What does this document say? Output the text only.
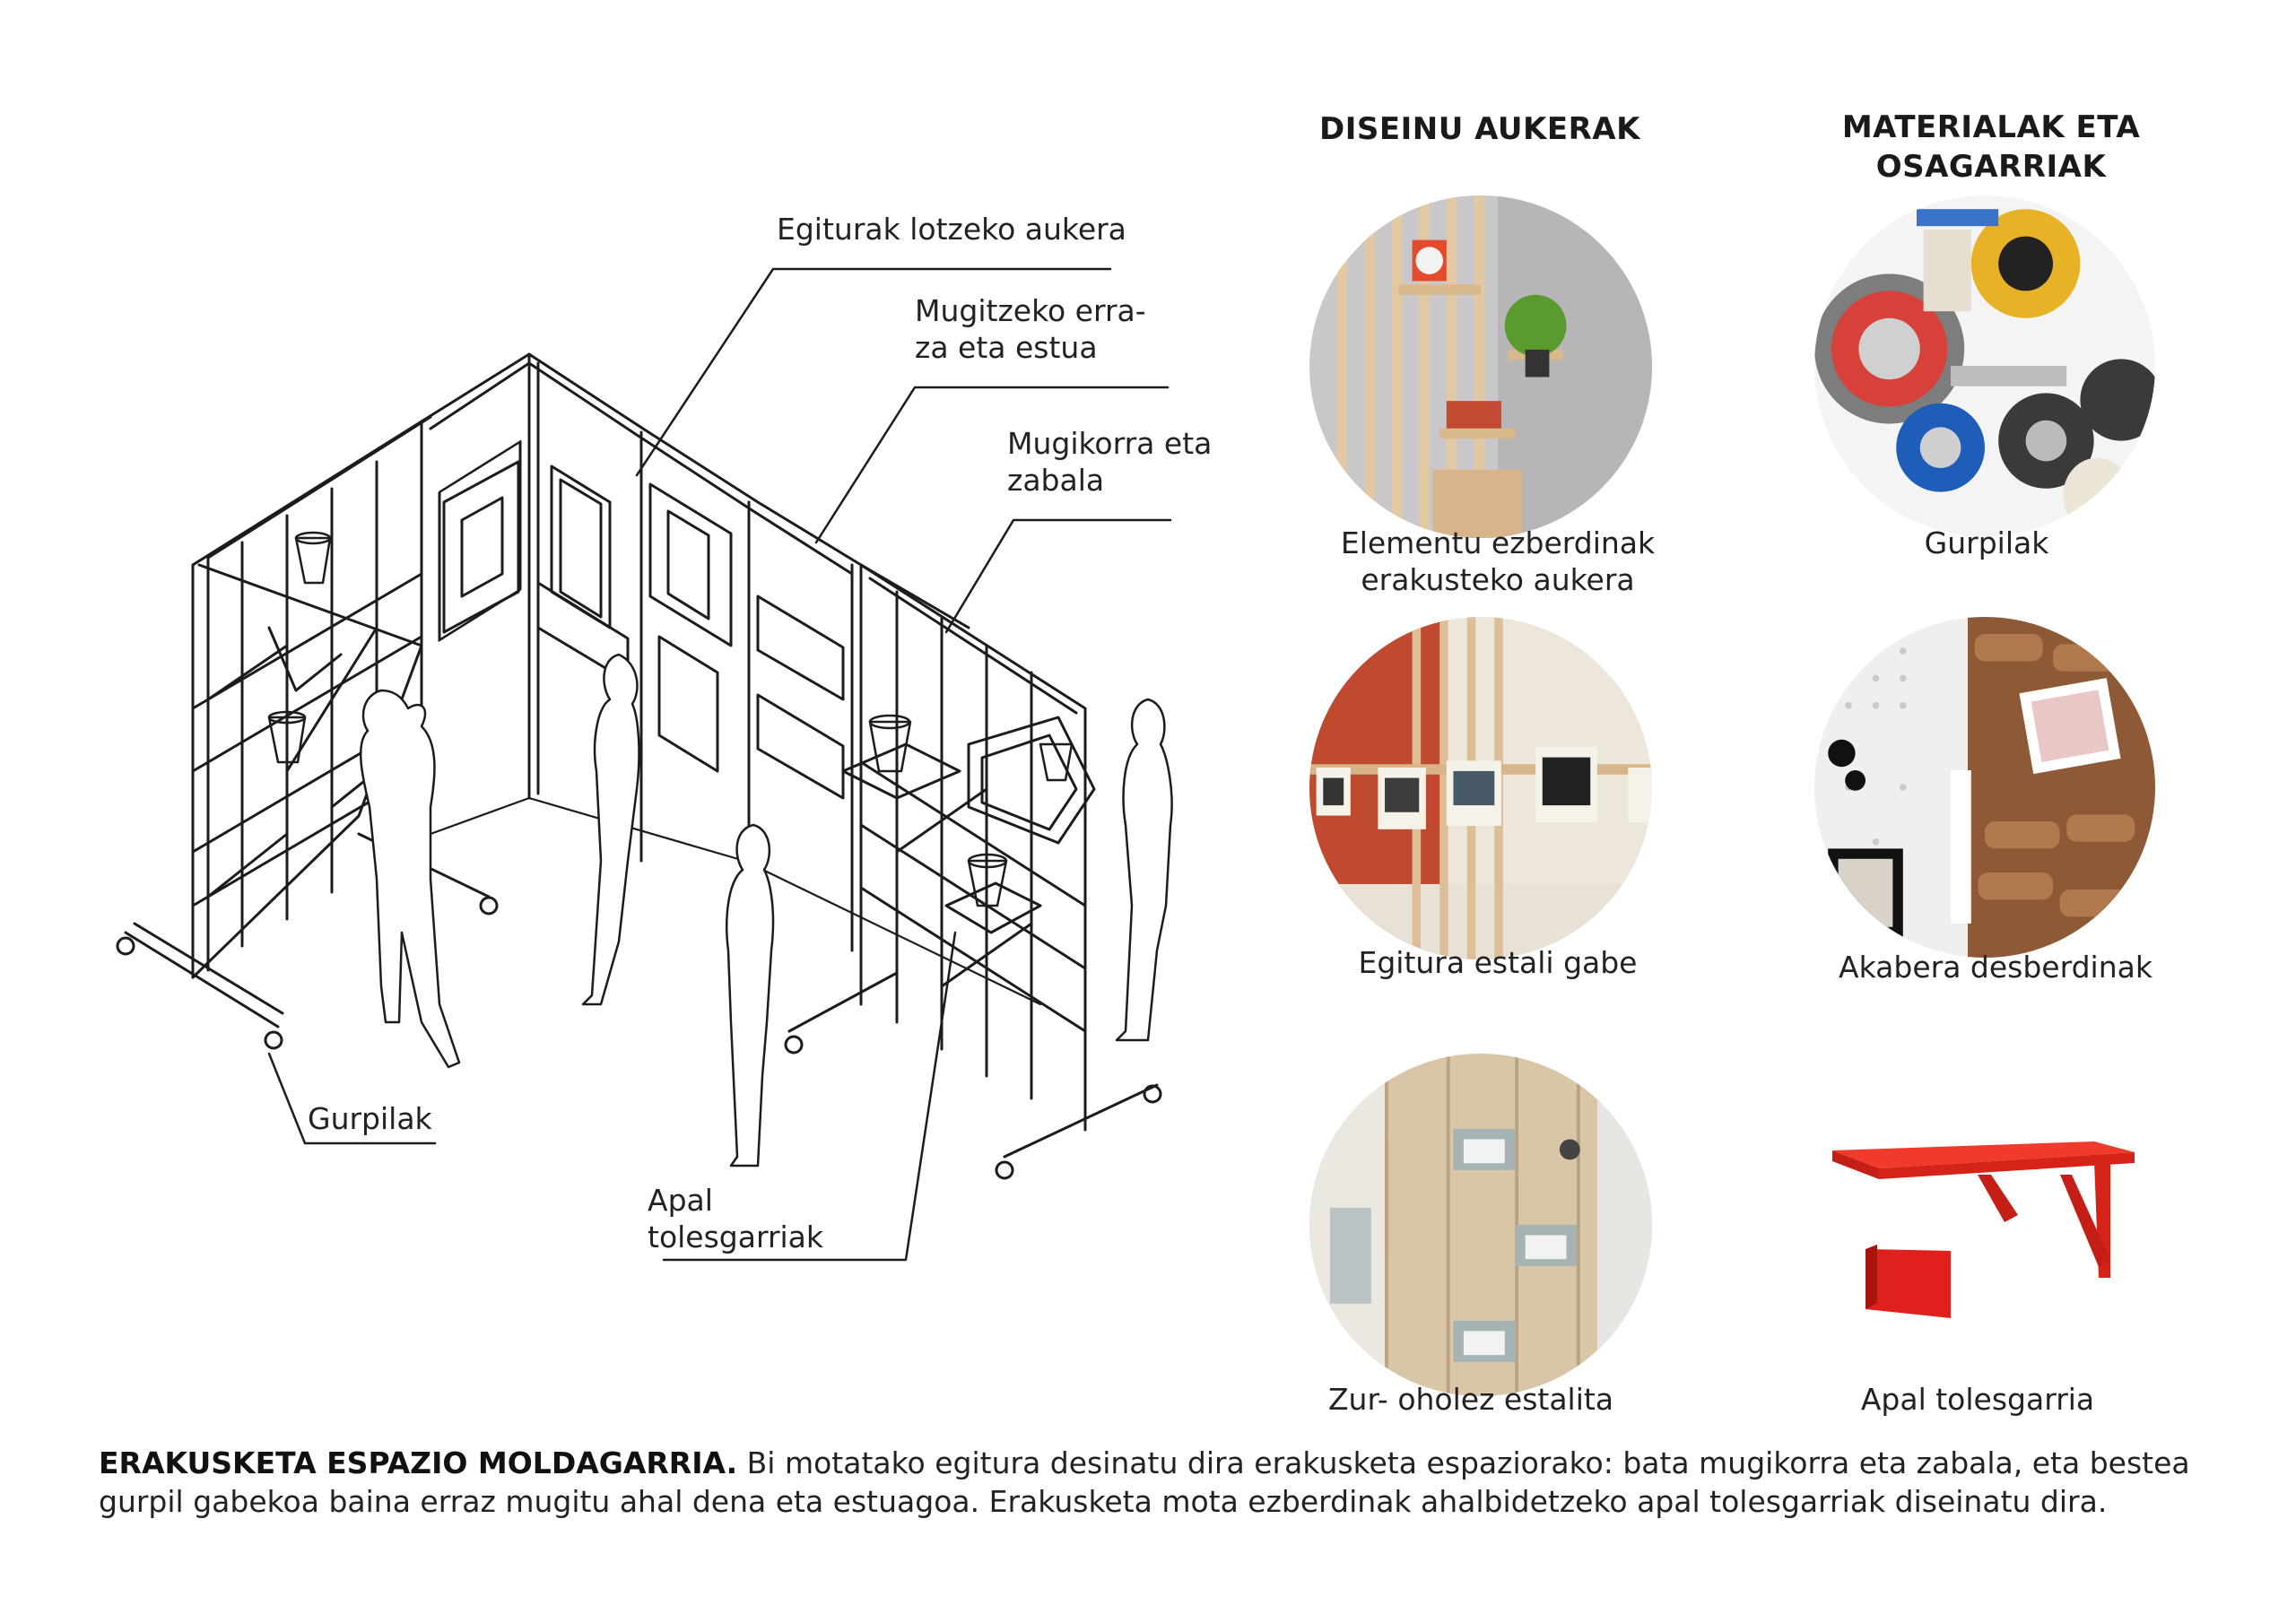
Egiturak lotzeko aukera
Mugitzeko erra-
za eta estua
Mugikorra eta
zabala
Gurpilak
Apal
tolesgarriak
DISEINU AUKERAK	MATERIALAK ETA
OSAGARRIAK
Elementu ezberdinak
erakusteko aukera
Gurpilak
Egitura estali gabe	Akabera desberdinak
Zur- oholez estalita	Apal tolesgarria
ERAKUSKETA ESPAZIO MOLDAGARRIA. Bi motatako egitura desinatu dira erakusketa espaziorako: bata mugikorra eta zabala, eta bestea gurpil gabekoa baina erraz mugitu ahal dena eta estuagoa. Erakusketa mota ezberdinak ahalbidetzeko apal tolesgarriak diseinatu dira.
